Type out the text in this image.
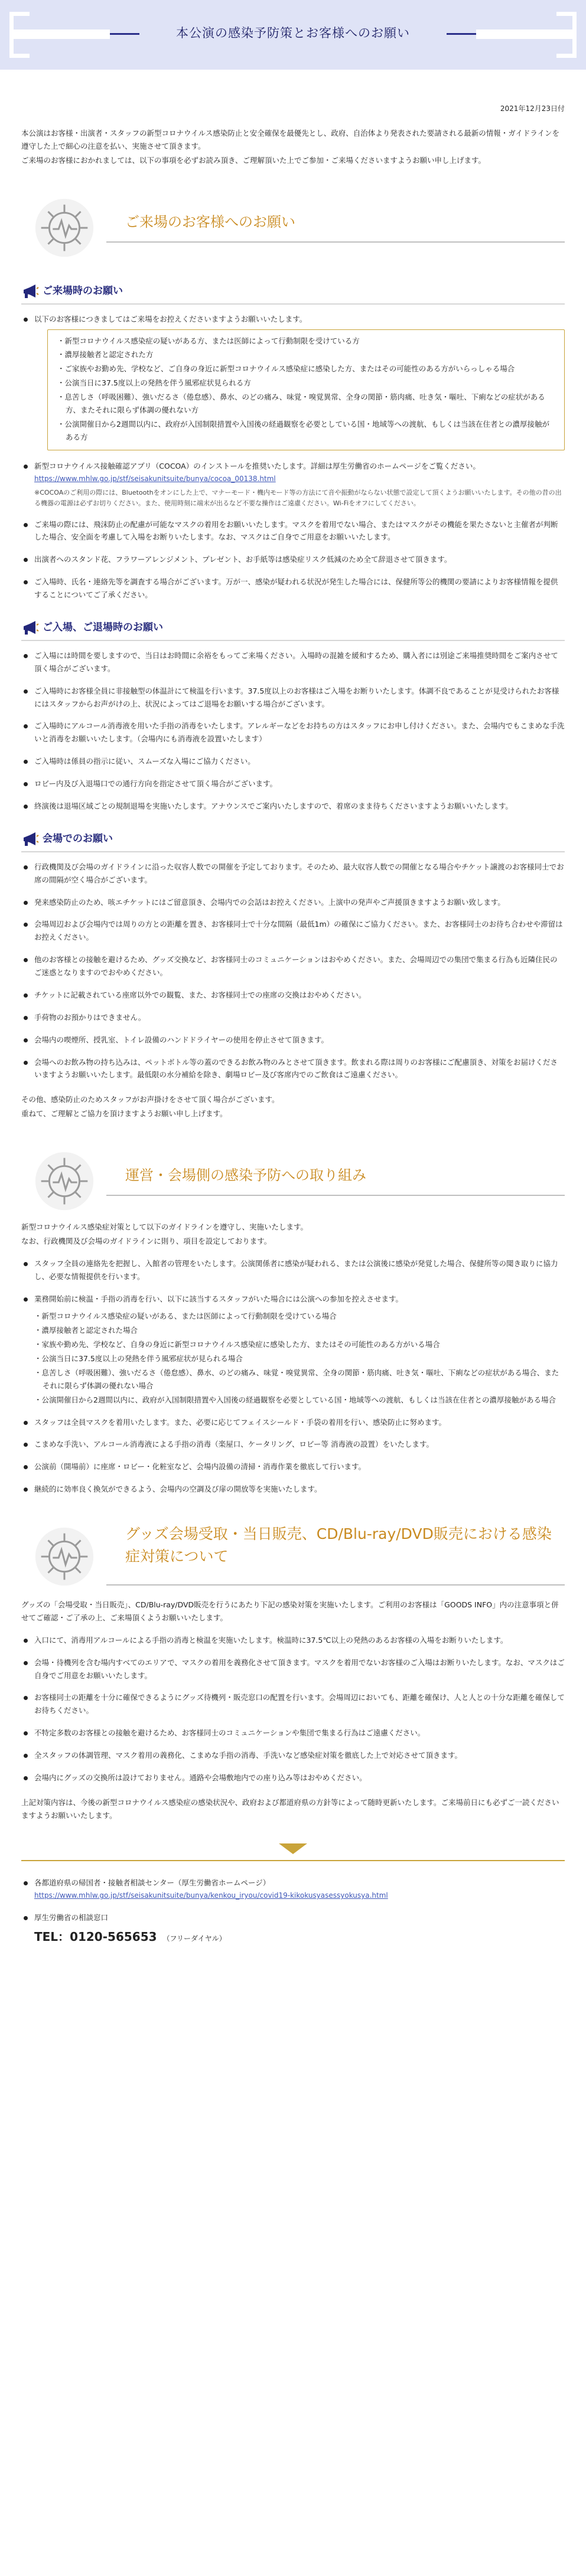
本公演の感染予防策とお客様へのお願い
2021年12月23日付

本公演はお客様・出演者・スタッフの新型コロナウイルス感染防止と安全確保を最優先とし、政府、自治体より発表された要請される最新の情報・ガイドラインを遵守した上で細心の注意を払い、実施させて頂きます。

ご来場のお客様におかれましては、以下の事項を必ずお読み頂き、ご理解頂いた上でご参加・ご来場くださいますようお願い申し上げます。

ご来場のお客様へのお願い
ご来場時のお願い
以下のお客様につきましてはご来場をお控えくださいますようお願いいたします。

・新型コロナウイルス感染症の疑いがある方、または医師によって行動制限を受けている方

・濃厚接触者と認定された方

・ご家族やお勤め先、学校など、ご自身の身近に新型コロナウイルス感染症に感染した方、またはその可能性のある方がいらっしゃる場合

・公演当日に37.5度以上の発熱を伴う風邪症状見られる方

・息苦しさ（呼吸困難）、強いだるさ（倦怠感）、鼻水、のどの痛み、味覚・嗅覚異常、全身の関節・筋肉痛、吐き気・嘔吐、下痢などの症状がある方、またそれに限らず体調の優れない方

・公演開催日から2週間以内に、政府が入国制限措置や入国後の経過観察を必要としている国・地域等への渡航、もしくは当該在住者との濃厚接触がある方

新型コロナウイルス接触確認アプリ（COCOA）のインストールを推奨いたします。詳細は厚生労働省のホームページをご覧ください。
https://www.mhlw.go.jp/stf/seisakunitsuite/bunya/cocoa_00138.html
※COCOAのご利用の際には、Bluetoothをオンにした上で、マナーモード・機内モード等の方法にて音や振動がならない状態で設定して頂くようお願いいたします。その他の昔の出る機器の電源は必ずお切りください。また、使用時刻に端末が出るなど不要な操作はご遠慮ください。Wi-Fiをオフにしてください。
ご来場の際には、飛沫防止の配慮が可能なマスクの着用をお願いいたします。マスクを着用でない場合、またはマスクがその機能を果たさないと主催者が判断した場合、安全面を考慮して入場をお断りいたします。なお、マスクはご自身でご用意をお願いいたします。
出演者へのスタンド花、フラワーアレンジメント、プレゼント、お手紙等は感染症リスク低減のため全て辞退させて頂きます。
ご入場時、氏名・連絡先等を調査する場合がございます。万が一、感染が疑われる状況が発生した場合には、保健所等公的機関の要請によりお客様情報を提供することについてご了承ください。
ご入場、ご退場時のお願い
ご入場には時間を要しますので、当日はお時間に余裕をもってご来場ください。入場時の混雑を緩和するため、購入者には別途ご来場推奨時間をご案内させて頂く場合がございます。
ご入場時にお客様全員に非接触型の体温計にて検温を行います。37.5度以上のお客様はご入場をお断りいたします。体調不良であることが見受けられたお客様にはスタッフからお声がけの上、状況によってはご退場をお願いする場合がございます。
ご入場時にアルコール消毒液を用いた手指の消毒をいたします。アレルギーなどをお持ちの方はスタッフにお申し付けください。また、会場内でもこまめな手洗いと消毒をお願いいたします。（会場内にも消毒液を設置いたします）
ご入場時は係員の指示に従い、スムーズな入場にご協力ください。
ロビー内及び入退場口での通行方向を指定させて頂く場合がございます。
終演後は退場区域ごとの規制退場を実施いたします。アナウンスでご案内いたしますので、着席のまま待ちくださいますようお願いいたします。
会場でのお願い
行政機関及び会場のガイドラインに沿った収容人数での開催を予定しております。そのため、最大収容人数での開催となる場合やチケット譲渡のお客様同士でお席の間隔が空く場合がございます。
発来感染防止のため、咳エチケットにはご留意頂き、会場内での会話はお控えください。上演中の発声やご声援頂きますようお願い致します。
会場周辺および会場内では周りの方との距離を置き、お客様同士で十分な間隔（最低1m）の確保にご協力ください。また、お客様同士のお待ち合わせや滞留はお控えください。
他のお客様との接触を避けるため、グッズ交換など、お客様同士のコミュニケーションはおやめください。また、会場周辺での集団で集まる行為も近隣住民のご迷惑となりますのでおやめください。
チケットに記載されている座席以外での観覧、また、お客様同士での座席の交換はおやめください。
手荷物のお預かりはできません。
会場内の喫煙所、授乳室、トイレ設備のハンドドライヤーの使用を停止させて頂きます。
会場へのお飲み物の持ち込みは、ペットボトル等の蓋のできるお飲み物のみとさせて頂きます。飲まれる際は周りのお客様にご配慮頂き、対策をお届けくださいますようお願いいたします。最低限の水分補給を除き、劇場ロビー及び客席内でのご飲食はご遠慮ください。

その他、感染防止のためスタッフがお声掛けをさせて頂く場合がございます。

重ねて、ご理解とご協力を頂けますようお願い申し上げます。

運営・会場側の感染予防への取り組み

新型コロナウイルス感染症対策として以下のガイドラインを遵守し、実施いたします。

なお、行政機関及び会場のガイドラインに則り、項目を設定しております。

スタッフ全員の連絡先を把握し、入館者の管理をいたします。公演関係者に感染が疑われる、または公演後に感染が発覚した場合、保健所等の聞き取りに協力し、必要な情報提供を行います。
業務開始前に検温・手指の消毒を行い、以下に該当するスタッフがいた場合には公演への参加を控えさせます。

・新型コロナウイルス感染症の疑いがある、または医師によって行動制限を受けている場合

・濃厚接触者と認定された場合

・家族や勤め先、学校など、自身の身近に新型コロナウイルス感染症に感染した方、またはその可能性のある方がいる場合

・公演当日に37.5度以上の発熱を伴う風邪症状が見られる場合

・息苦しさ（呼吸困難）、強いだるさ（倦怠感）、鼻水、のどの痛み、味覚・嗅覚異常、全身の関節・筋肉痛、吐き気・嘔吐、下痢などの症状がある場合、またそれに限らず体調の優れない場合

・公演開催日から2週間以内に、政府が入国制限措置や入国後の経過観察を必要としている国・地域等への渡航、もしくは当該在住者との濃厚接触がある場合

スタッフは全員マスクを着用いたします。また、必要に応じてフェイスシールド・手袋の着用を行い、感染防止に努めます。
こまめな手洗い、アルコール消毒液による手指の消毒（楽屋口、ケータリング、ロビー等 消毒液の設置）をいたします。
公演前（開場前）に座席・ロビー・化粧室など、会場内設備の清掃・消毒作業を徹底して行います。
継続的に効率良く換気ができるよう、会場内の空調及び扉の開放等を実施いたします。
グッズ会場受取・当日販売、CD/Blu-ray/DVD販売における感染症対策について

グッズの「会場受取・当日販売」、CD/Blu-ray/DVD販売を行うにあたり下記の感染対策を実施いたします。ご利用のお客様は「GOODS INFO」内の注意事項と併せてご確認・ご了承の上、ご来場頂くようお願いいたします。

入口にて、消毒用アルコールによる手指の消毒と検温を実施いたします。検温時に37.5℃以上の発熱のあるお客様の入場をお断りいたします。
会場・待機列を含む場内すべてのエリアで、マスクの着用を義務化させて頂きます。マスクを着用でないお客様のご入場はお断りいたします。なお、マスクはご自身でご用意をお願いいたします。
お客様同士の距離を十分に確保できるようにグッズ待機列・販売窓口の配置を行います。会場周辺においても、距離を確保け、人と人との十分な距離を確保してお待ちください。
不特定多数のお客様との接触を避けるため、お客様同士のコミュニケーションや集団で集まる行為はご遠慮ください。
全スタッフの体調管理、マスク着用の義務化、こまめな手指の消毒、手洗いなど感染症対策を徹底した上で対応させて頂きます。
会場内にグッズの交換所は設けておりません。通路や会場敷地内での座り込み等はおやめください。

上記対策内容は、今後の新型コロナウイルス感染症の感染状況や、政府および都道府県の方針等によって随時更新いたします。ご来場前日にも必ずご一読くださいますようお願いいたします。

各都道府県の帰国者・接触者相談センター（厚生労働省ホームページ）
https://www.mhlw.go.jp/stf/seisakunitsuite/bunya/kenkou_iryou/covid19-kikokusyasessyokusya.html
厚生労働省の相談窓口
TEL：0120-565653 （フリーダイヤル）
